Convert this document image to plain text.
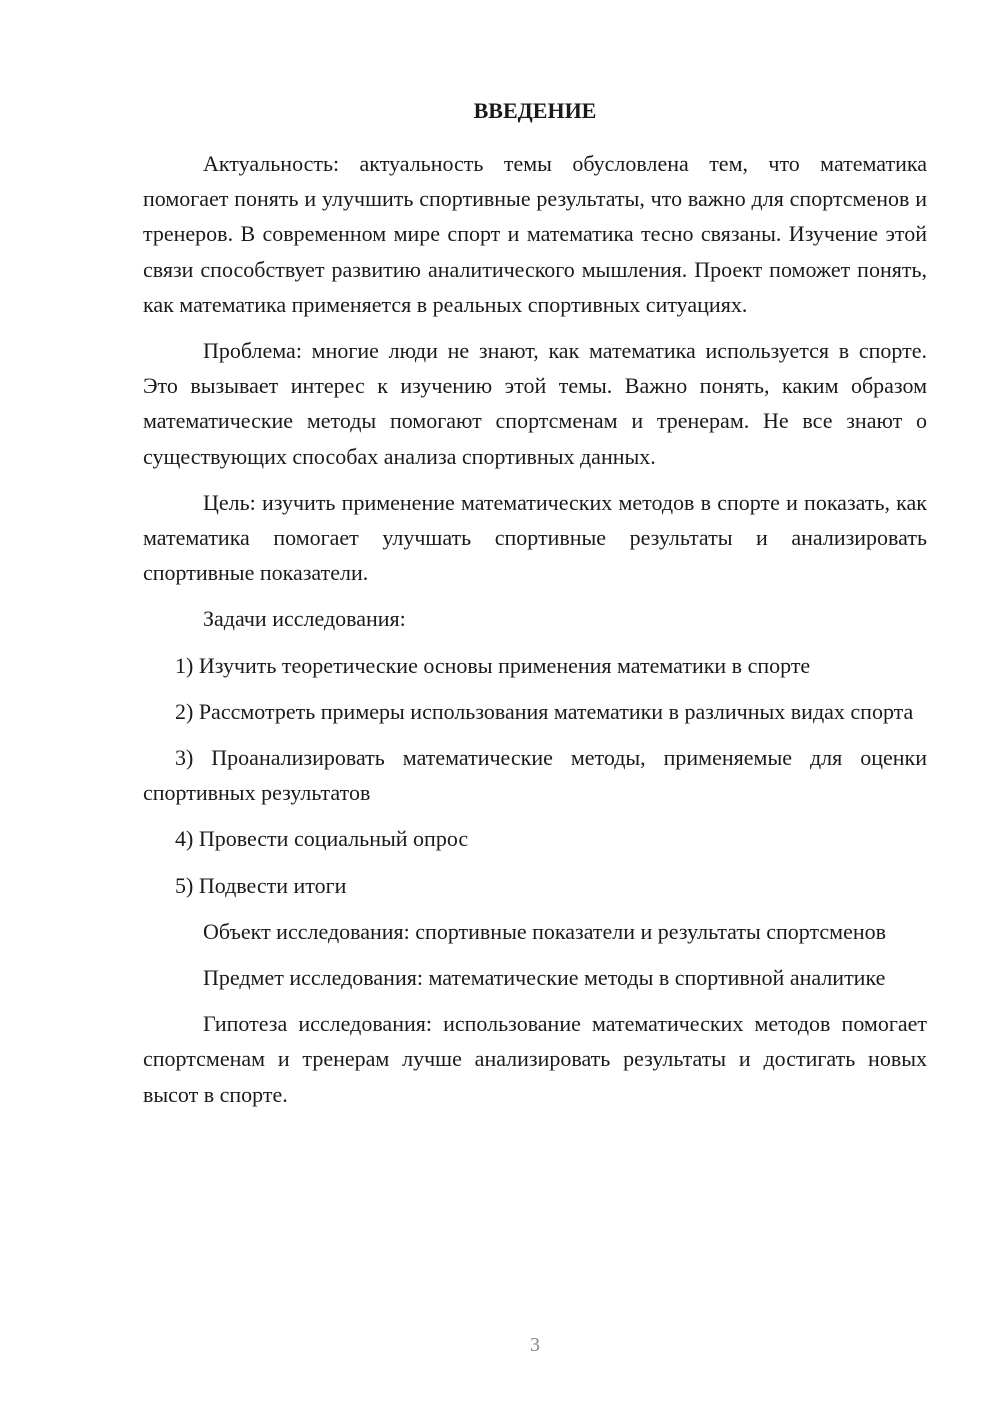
ВВЕДЕНИЕ

Актуальность: актуальность темы обусловлена тем, что математика помогает понять и улучшить спортивные результаты, что важно для спортсменов и тренеров. В современном мире спорт и математика тесно связаны. Изучение этой связи способствует развитию аналитического мышления. Проект поможет понять, как математика применяется в реальных спортивных ситуациях.

Проблема: многие люди не знают, как математика используется в спорте. Это вызывает интерес к изучению этой темы. Важно понять, каким образом математические методы помогают спортсменам и тренерам. Не все знают о существующих способах анализа спортивных данных.

Цель: изучить применение математических методов в спорте и показать, как математика помогает улучшать спортивные результаты и анализировать спортивные показатели.

Задачи исследования:

1) Изучить теоретические основы применения математики в спорте

2) Рассмотреть примеры использования математики в различных видах спорта

3) Проанализировать математические методы, применяемые для оценки спортивных результатов

4) Провести социальный опрос

5) Подвести итоги

Объект исследования: спортивные показатели и результаты спортсменов

Предмет исследования: математические методы в спортивной аналитике

Гипотеза исследования: использование математических методов помогает спортсменам и тренерам лучше анализировать результаты и достигать новых высот в спорте.

3
